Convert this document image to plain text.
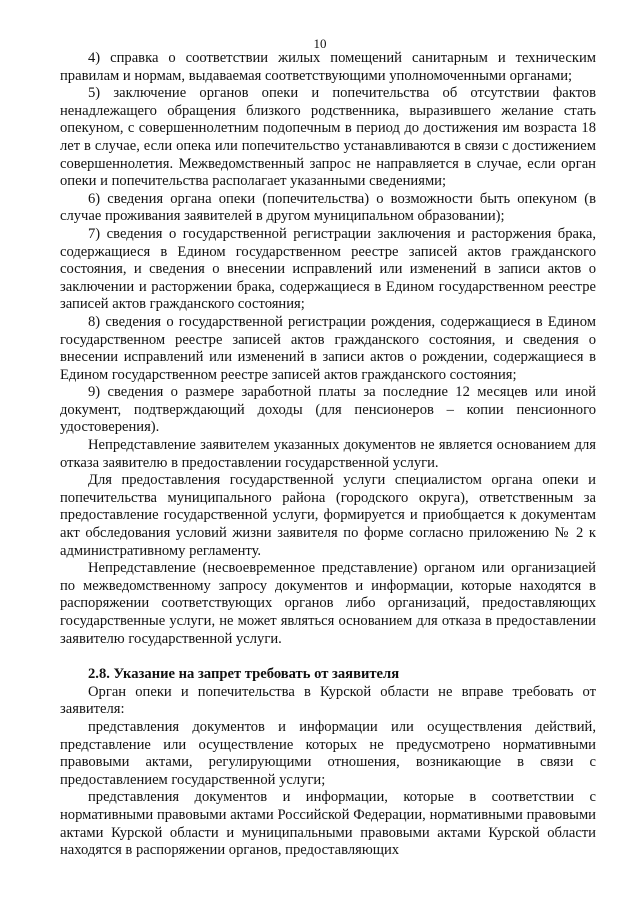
10

4) справка о соответствии жилых помещений санитарным и техническим правилам и нормам, выдаваемая соответствующими уполномоченными органами;

5) заключение органов опеки и попечительства об отсутствии фактов ненадлежащего обращения близкого родственника, выразившего желание стать опекуном, с совершеннолетним подопечным в период до достижения им возраста 18 лет в случае, если опека или попечительство устанавливаются в связи с достижением совершеннолетия. Межведомственный запрос не направляется в случае, если орган опеки и попечительства располагает указанными сведениями;

6) сведения органа опеки (попечительства) о возможности быть опекуном (в случае проживания заявителей в другом муниципальном образовании);

7) сведения о государственной регистрации заключения и расторжения брака, содержащиеся в Едином государственном реестре записей актов гражданского состояния, и сведения о внесении исправлений или изменений в записи актов о заключении и расторжении брака, содержащиеся в Едином государственном реестре записей актов гражданского состояния;

8) сведения о государственной регистрации рождения, содержащиеся в Едином государственном реестре записей актов гражданского состояния, и сведения о внесении исправлений или изменений в записи актов о рождении, содержащиеся в Едином государственном реестре записей актов гражданского состояния;

9) сведения о размере заработной платы за последние 12 месяцев или иной документ, подтверждающий доходы (для пенсионеров – копии пенсионного удостоверения).

Непредставление заявителем указанных документов не является основанием для отказа заявителю в предоставлении государственной услуги.

Для предоставления государственной услуги специалистом органа опеки и попечительства муниципального района (городского округа), ответственным за предоставление государственной услуги, формируется и приобщается к документам акт обследования условий жизни заявителя по форме согласно приложению № 2 к административному регламенту.

Непредставление (несвоевременное представление) органом или организацией по межведомственному запросу документов и информации, которые находятся в распоряжении соответствующих органов либо организаций, предоставляющих государственные услуги, не может являться основанием для отказа в предоставлении заявителю государственной услуги.

2.8. Указание на запрет требовать от заявителя

Орган опеки и попечительства в Курской области не вправе требовать от заявителя:

представления документов и информации или осуществления действий, представление или осуществление которых не предусмотрено нормативными правовыми актами, регулирующими отношения, возникающие в связи с предоставлением государственной услуги;

представления документов и информации, которые в соответствии с нормативными правовыми актами Российской Федерации, нормативными правовыми актами Курской области и муниципальными правовыми актами Курской области находятся в распоряжении органов, предоставляющих
